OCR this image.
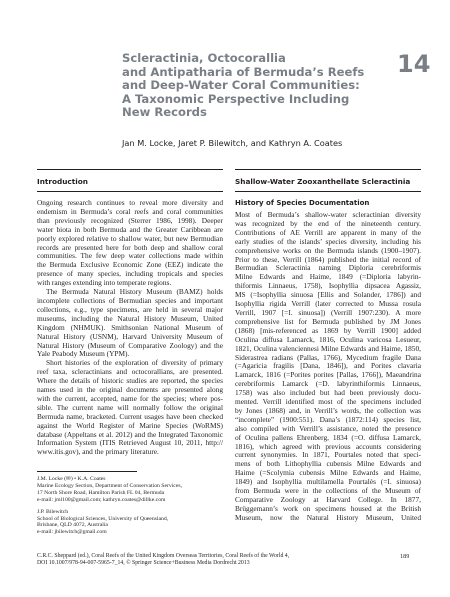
Scleractinia, Octocorallia
and Antipatharia of Bermuda’s Reefs
and Deep-Water Coral Communities:
A Taxonomic Perspective Including
New Records
14
Jan M. Locke, Jaret P. Bilewitch, and Kathryn A. Coates
Introduction	Shallow-Water Zooxanthellate Scleractinia
History of Species Documentation
Ongoing research continues to reveal more diversity and
endemism in Bermuda’s coral reefs and coral communities
than previously recognized (Sterrer 1986, 1998). Deeper
water biota in both Bermuda and the Greater Caribbean are
poorly explored relative to shallow water, but new Bermudian
records are presented here for both deep and shallow coral
communities. The few deep water collections made within
the Bermuda Exclusive Economic Zone (EEZ) indicate the
presence of many species, including tropicals and species
with ranges extending into temperate regions.
The Bermuda Natural History Museum (BAMZ) holds
incomplete collections of Bermudian species and important
collections, e.g., type specimens, are held in several major
museums, including the Natural History Museum, United
Kingdom (NHMUK). Smithsonian National Museum of
Natural History (USNM), Harvard University Museum of
Natural History (Museum of Comparative Zoology) and the
Yale Peabody Museum (YPM).
Short histories of the exploration of diversity of primary
reef taxa, scleractinians and octocorallians, are presented.
Where the details of historic studies are reported, the species
names used in the original documents are presented along
with the current, accepted, name for the species; where pos-
sible. The current name will normally follow the original
Bermuda name, bracketed. Current usages have been checked
against the World Register of Marine Species (WoRMS)
database (Appeltans et al. 2012) and the Integrated Taxonomic
Information System (ITIS Retrieved August 10, 2011, http://
www.itis.gov), and the primary literature.
Most of Bermuda’s shallow-water scleractinian diversity
was recognized by the end of the nineteenth century.
Contributions of AE Verrill are apparent in many of the
early studies of the islands’ species diversity, including his
comprehensive works on the Bermuda islands (1900–1907).
Prior to these, Verrill (1864) published the initial record of
Bermudian Scleractinia naming Diploria cerebriformis
Milne Edwards and Haime, 1849 (=Diploria labyrin-
thiformis Linnaeus, 1758), Isophyllia dipsacea Agassiz,
MS (=Isophyllia sinuosa [Ellis and Solander, 1786]) and
Isophyllia rigida Verrill (later corrected to Mussa rosula
Verrill, 1907 [=I. sinuosa]) (Verrill 1907:230). A more
comprehensive list for Bermuda published by JM Jones
(1868) [mis-referenced as 1869 by Verrill 1900] added
Oculina diffusa Lamarck, 1816, Oculina varicosa Lesueur,
1821, Oculina valenciennesi Milne Edwards and Haime, 1850,
Siderastrea radians (Pallas, 1766), Mycedium fragile Dana
(=Agaricia fragilis [Dana, 1846]), and Porites clavaria
Lamarck, 1816 (=Porites porites [Pallas, 1766]), Maeandrina
cerebriformis Lamarck (=D. labyrinthiformis Linnaeus,
1758) was also included but had been previously docu-
mented. Verrill identified most of the specimens included
by Jones (1868) and, in Verrill’s words, the collection was
“incomplete” (1900:551). Dana’s (1872:114) species list,
also compiled with Verrill’s assistance, noted the presence
of Oculina pallens Ehrenberg, 1834 (=O. diffusa Lamarck,
1816), which agreed with previous accounts considering
current synonymies. In 1871, Pourtales noted that speci-
mens of both Lithophyllia cubensis Milne Edwards and
Haime (=Scolymia cubensis Milne Edwards and Haime,
1849) and Isophyllia multilamella Pourtalès (=I. sinuosa)
from Bermuda were in the collections of the Museum of
Comparative Zoology at Harvard College. In 1877,
Brüggemann’s work on specimens housed at the British
Museum, now the Natural History Museum, United
J.M. Locke (✉) • K.A. Coates
Marine Ecology Section, Department of Conservation Services,
17 North Shore Road, Hamilton Parish FL 04, Bermuda
e-mail: jml100@gmail.com; kathryn.coates@dillke.com
J.P. Bilewitch
School of Biological Sciences, University of Queensland,
Brisbane, QLD 4072, Australia
e-mail: jbilewitch@gmail.com
C.R.C. Sheppard (ed.), Coral Reefs of the United Kingdom Overseas Territories, Coral Reefs of the World 4,
DOI 10.1007/978-94-007-5965-7_14, © Springer Science+Business Media Dordrecht 2013
189
